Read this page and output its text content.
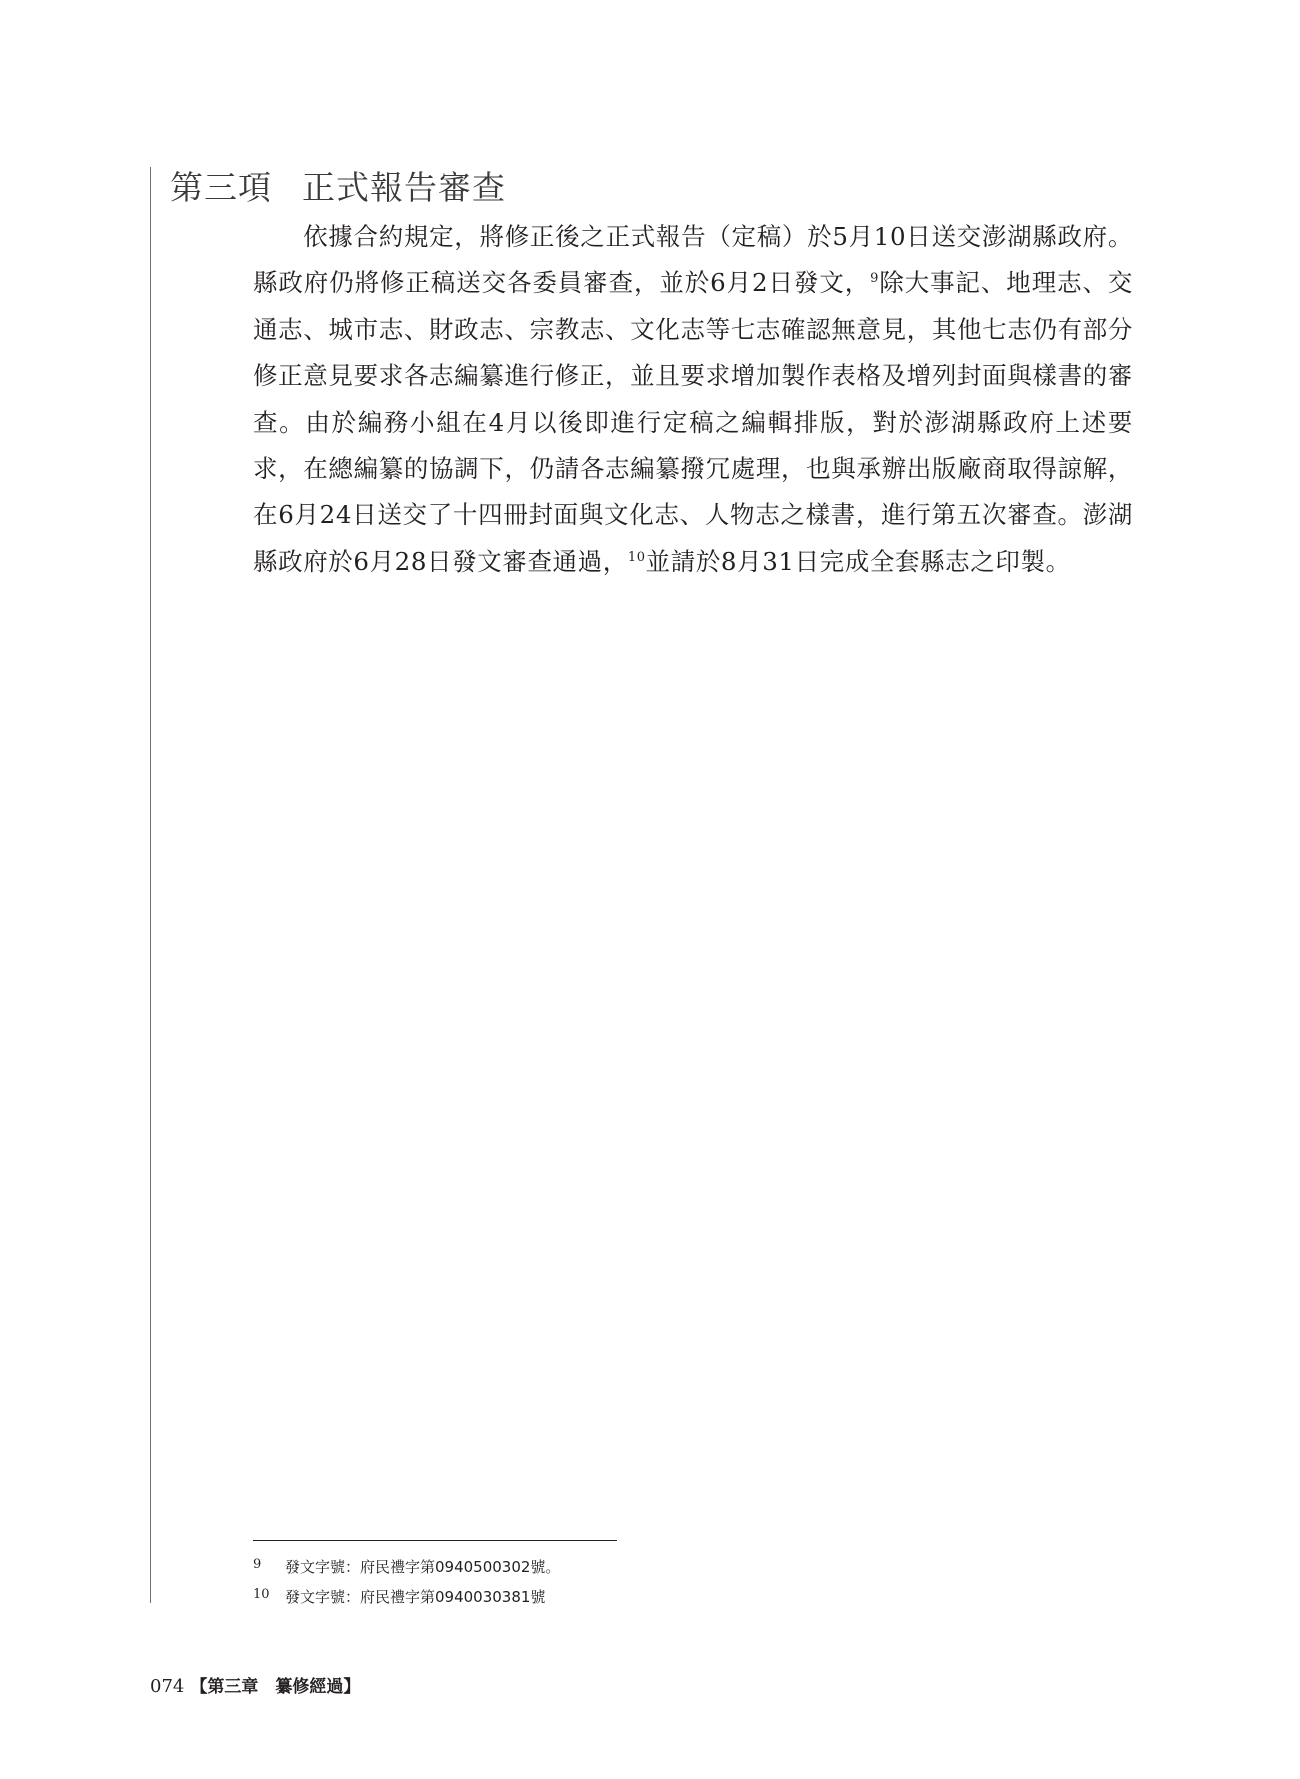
第三項 正式報告審查

依據合約規定，將修正後之正式報告（定稿）於5月10日送交澎湖縣政府。縣政府仍將修正稿送交各委員審查，並於6月2日發文，$^9$除大事記、地理志、交通志、城市志、財政志、宗教志、文化志等七志確認無意見，其他七志仍有部分修正意見要求各志編纂進行修正，並且要求增加製作表格及增列封面與樣書的審查。由於編務小組在4月以後即進行定稿之編輯排版，對於澎湖縣政府上述要求，在總編纂的協調下，仍請各志編纂撥冗處理，也與承辦出版廠商取得諒解，在6月24日送交了十四冊封面與文化志、人物志之樣書，進行第五次審查。澎湖縣政府於6月28日發文審查通過，$^{10}$並請於8月31日完成全套縣志之印製。

9 發文字號：府民禮字第0940500302號。
10 發文字號：府民禮字第0940030381號
074 【第三章　纂修經過】
